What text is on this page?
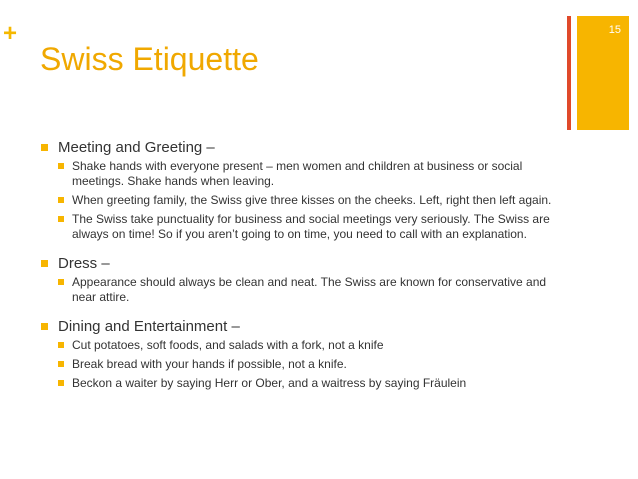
+
Swiss Etiquette
15
Meeting and Greeting –
Shake hands with everyone present – men women and children at business or social meetings. Shake hands when leaving.
When greeting family, the Swiss give three kisses on the cheeks. Left, right then left again.
The Swiss take punctuality for business and social meetings very seriously. The Swiss are always on time! So if you aren’t going to on time, you need to call with an explanation.
Dress –
Appearance should always be clean and neat. The Swiss are known for conservative and near attire.
Dining and Entertainment –
Cut potatoes, soft foods, and salads with a fork, not a knife
Break bread with your hands if possible, not a knife.
Beckon a waiter by saying Herr or Ober, and a waitress by saying Fräulein
